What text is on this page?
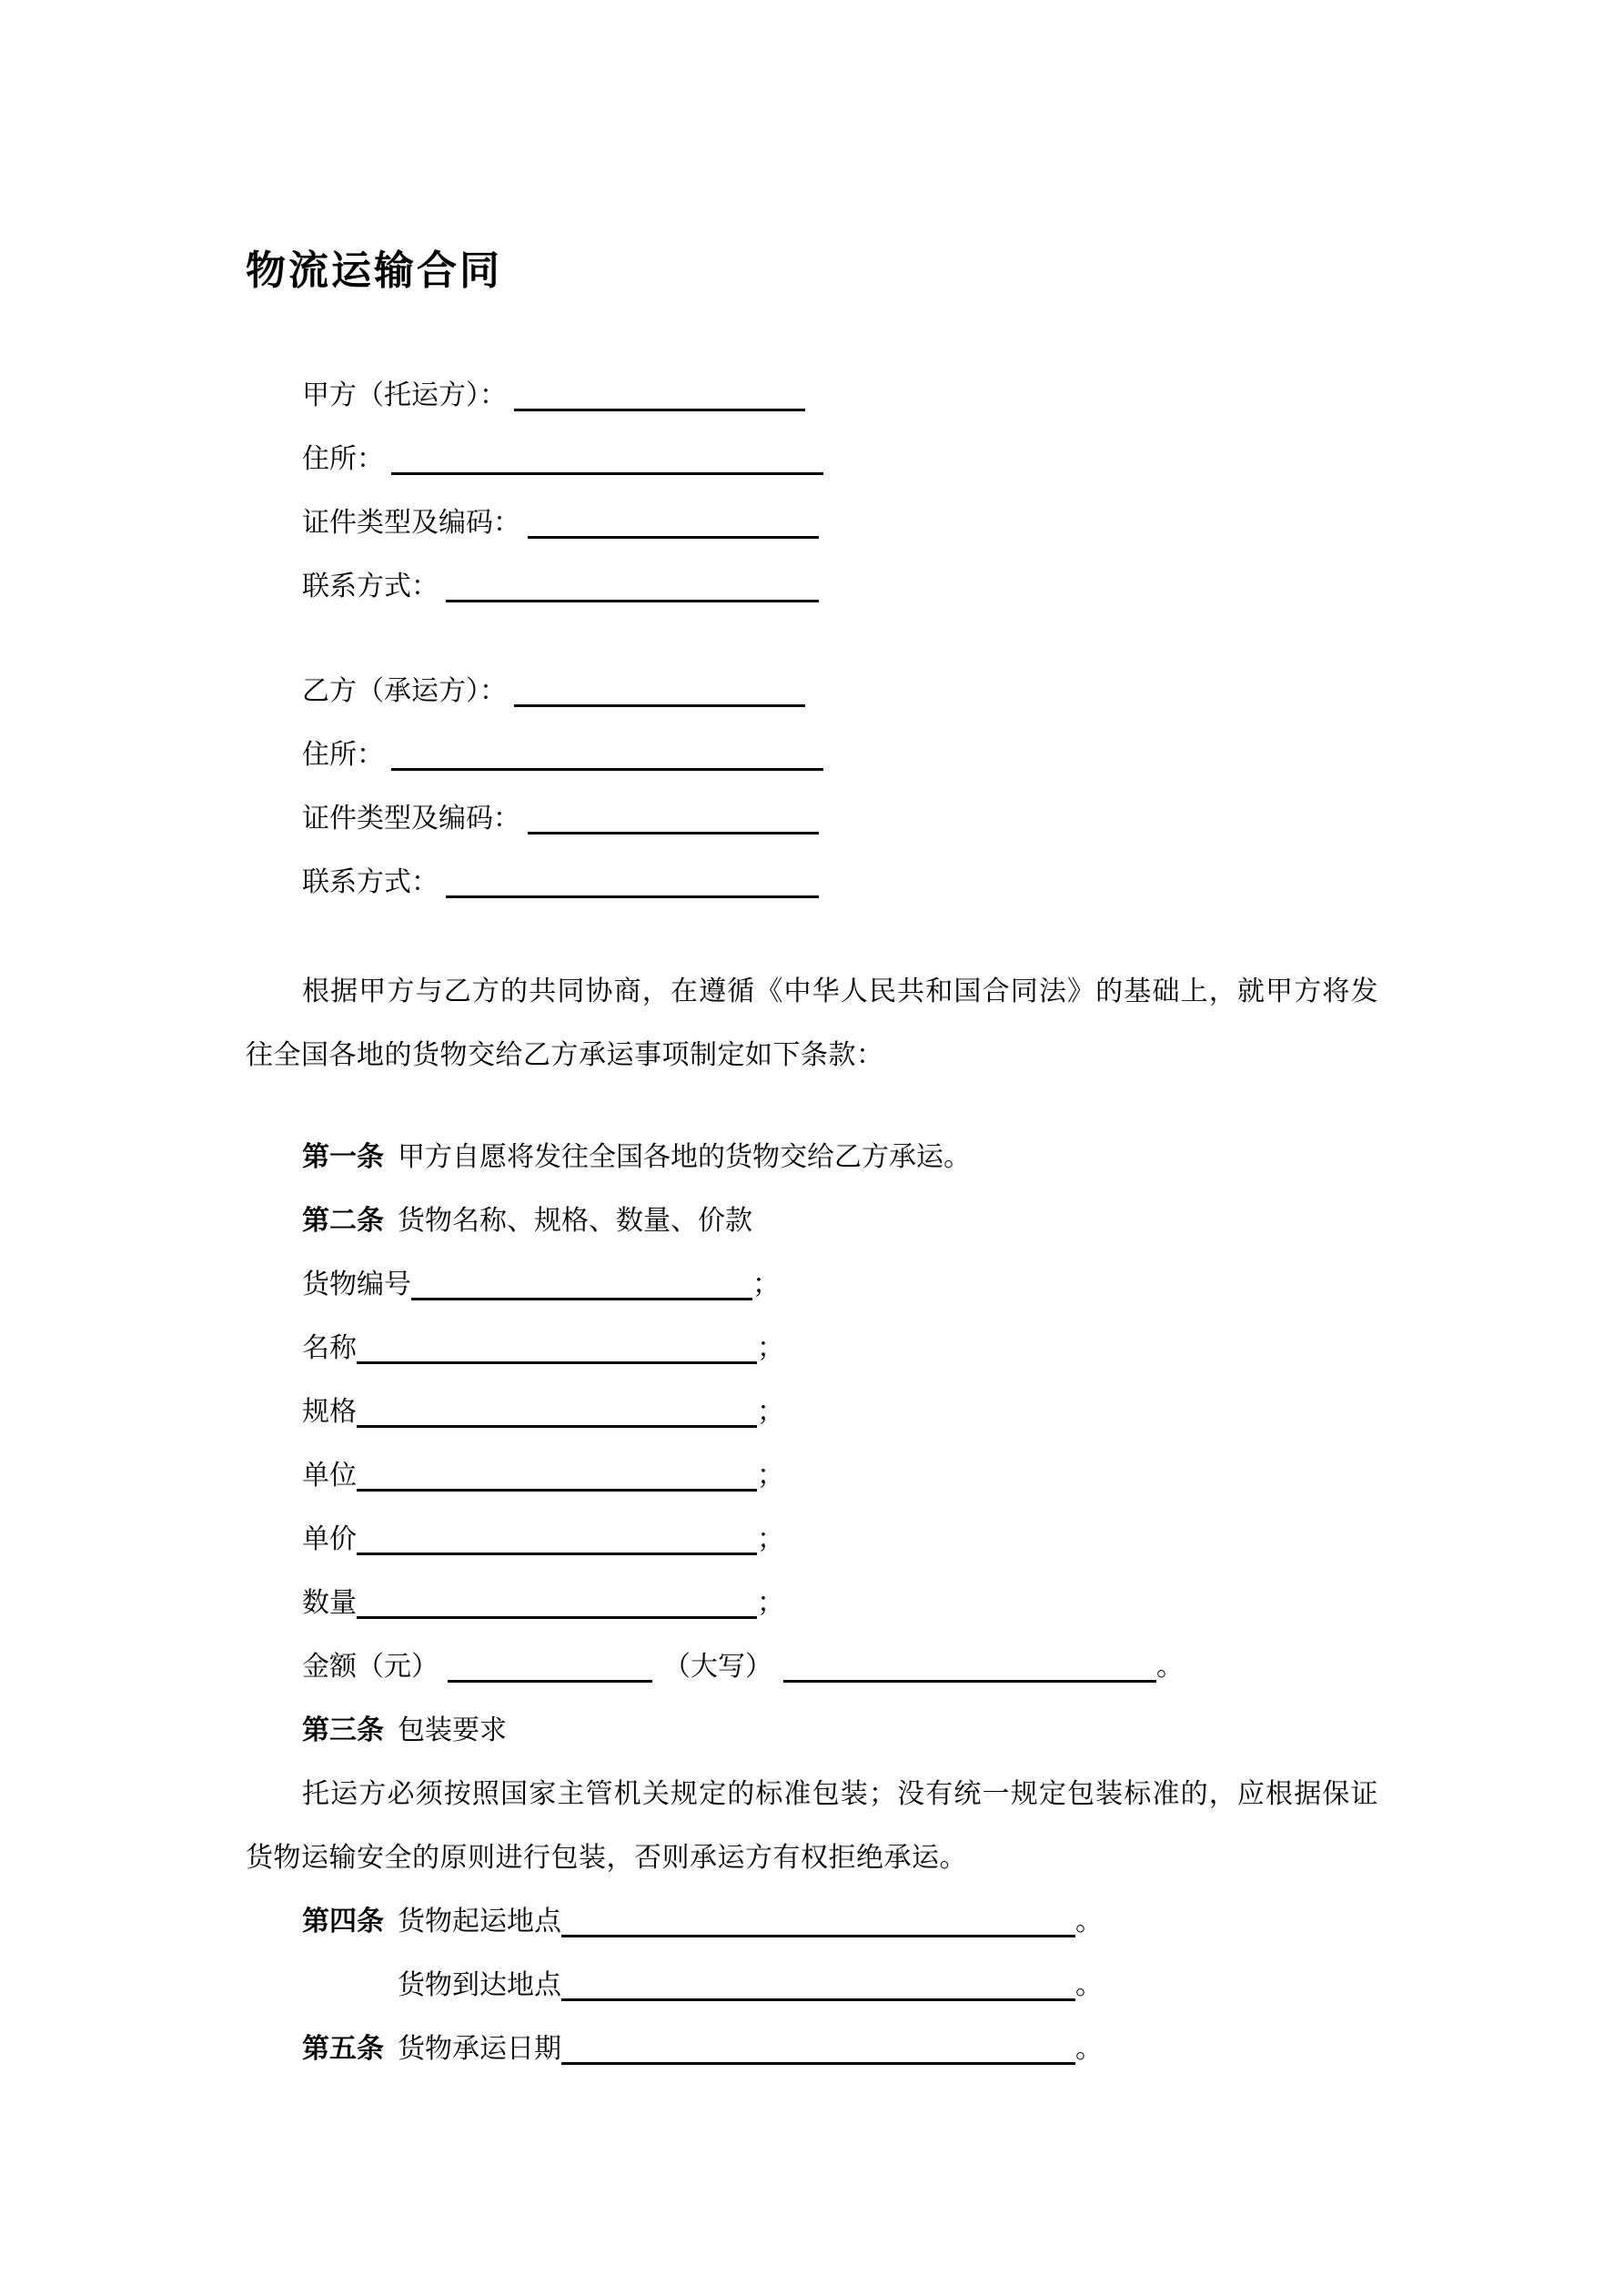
物流运输合同
甲方（托运方）：
住所：
证件类型及编码：
联系方式：
乙方（承运方）：
住所：
证件类型及编码：
联系方式：

根据甲方与乙方的共同协商，在遵循《中华人民共和国合同法》的基础上，就甲方将发往全国各地的货物交给乙方承运事项制定如下条款：

第一条 甲方自愿将发往全国各地的货物交给乙方承运。
第二条 货物名称、规格、数量、价款
货物编号	；
名称	；
规格	；
单位	；
单价	；
数量	；
金额（元）	（大写）	。
第三条 包装要求

托运方必须按照国家主管机关规定的标准包装；没有统一规定包装标准的，应根据保证货物运输安全的原则进行包装，否则承运方有权拒绝承运。

第四条 货物起运地点	。
货物到达地点	。
第五条 货物承运日期	。
